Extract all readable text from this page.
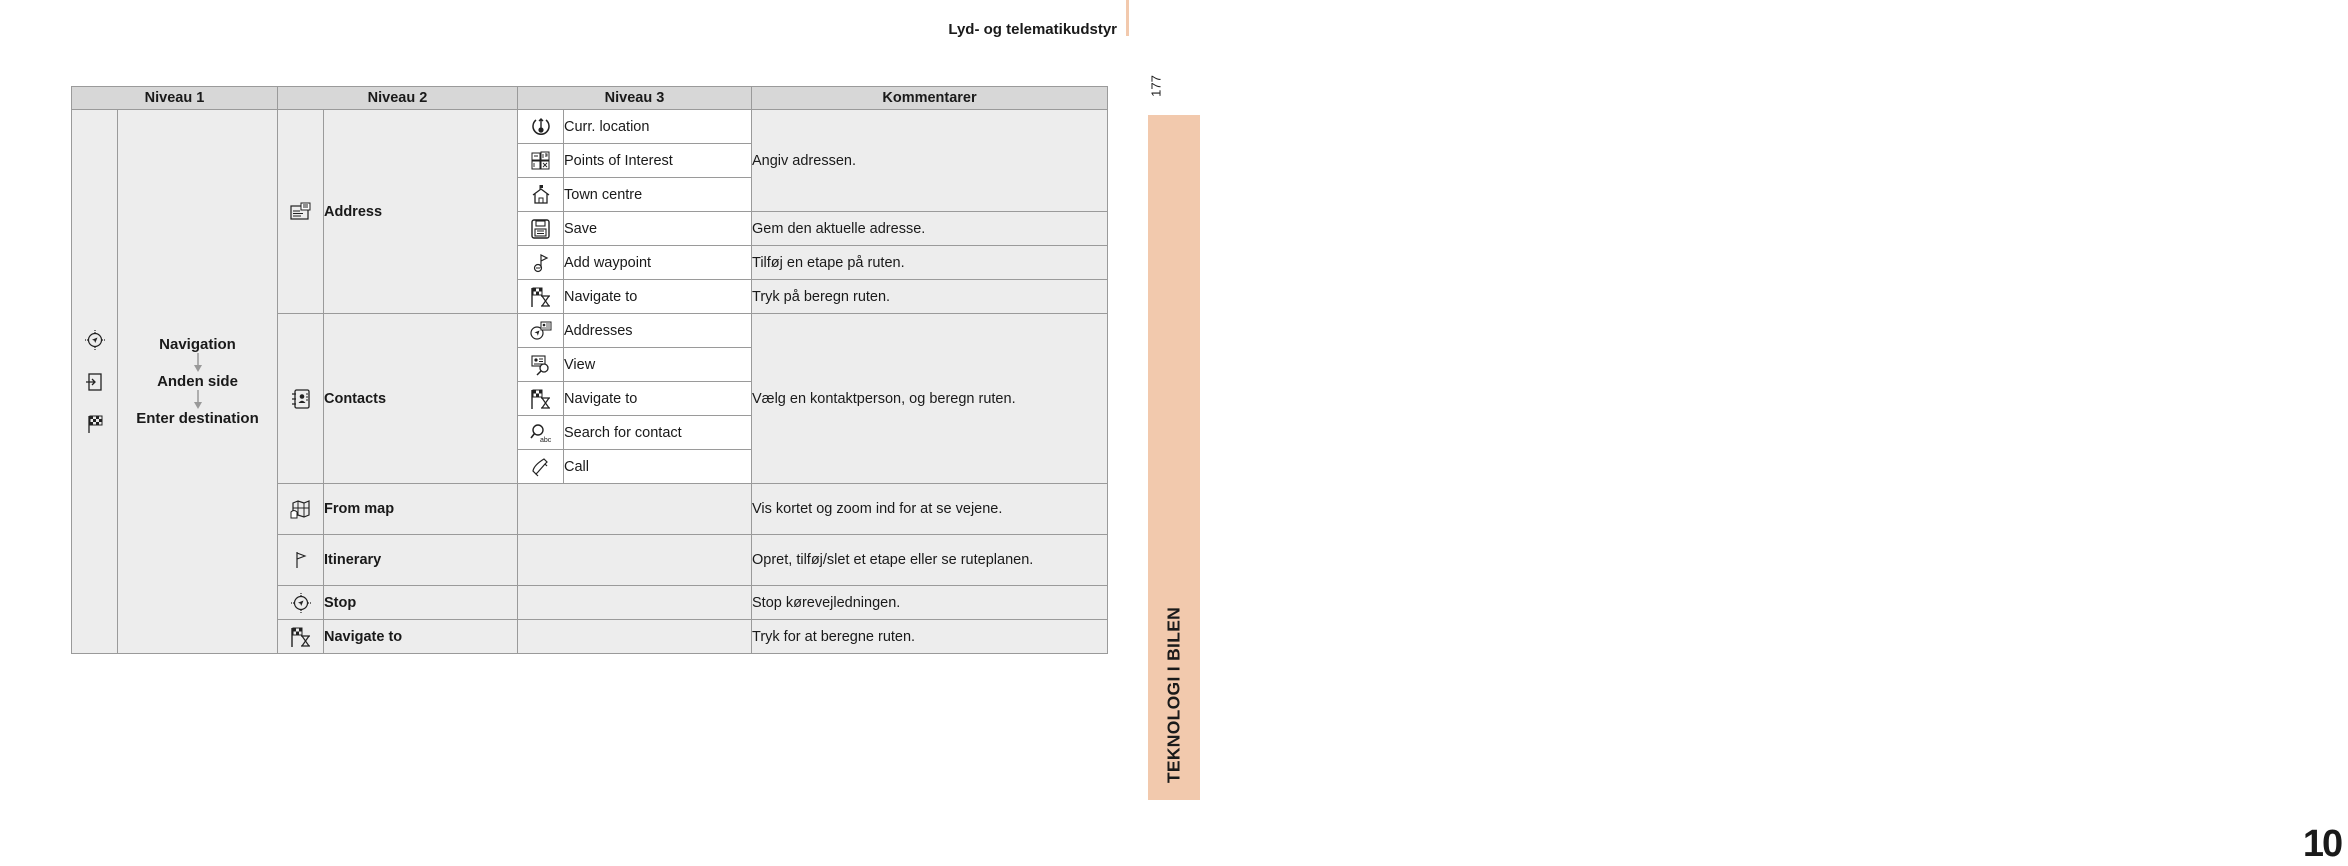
Lyd- og telematikudstyr
177
TEKNOLOGI I BILEN
10
Niveau 1		Niveau 2		Niveau 3		Kommentarer

Navigation
Anden side
Enter destination		Address		Curr. location	Angiv adressen.
	Points of Interest	
	Town centre	
	Save	Gem den aktuelle adresse.
	Add waypoint	Tilføj en etape på ruten.
	Navigate to	Tryk på beregn ruten.
	Contacts		Addresses	Vælg en kontaktperson, og beregn ruten.
	View	
	Navigate to	

abc	Search for contact	
	Call	
	From map			Vis kortet og zoom ind for at se vejene.
	Itinerary			Opret, tilføj/slet et etape eller se ruteplanen.
	Stop			Stop kørevejledningen.
	Navigate to			Tryk for at beregne ruten.
